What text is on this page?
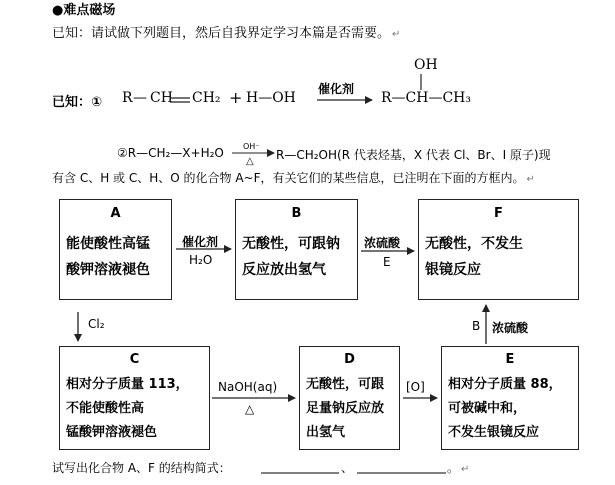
●难点磁场
已知：请试做下列题目，然后自我界定学习本篇是否需要。 ↵
已知：① R — CH CH₂ + H—OH
催化剂
OH
R—CH—CH₃
②R—CH₂—X+H₂O OH⁻
△ R—CH₂OH(R 代表烃基，X 代表 Cl、Br、I 原子)现
有含 C、H 或 C、H、O 的化合物 A~F，有关它们的某些信息，已注明在下面的方框内。 ↵
A
能使酸性高锰
酸钾溶液褪色
B
无酸性，可跟钠
反应放出氢气
F
无酸性，不发生
银镜反应
C
相对分子质量 113，
不能使酸性高
锰酸钾溶液褪色
D
无酸性，可跟
足量钠反应放
出氢气
E
相对分子质量 88，
可被碱中和，
不发生银镜反应
催化剂
H₂O
浓硫酸
E
Cl₂
NaOH(aq)
△
[O]
B 浓硫酸
试写出化合物 A、F 的结构简式：	、	。 ↵
